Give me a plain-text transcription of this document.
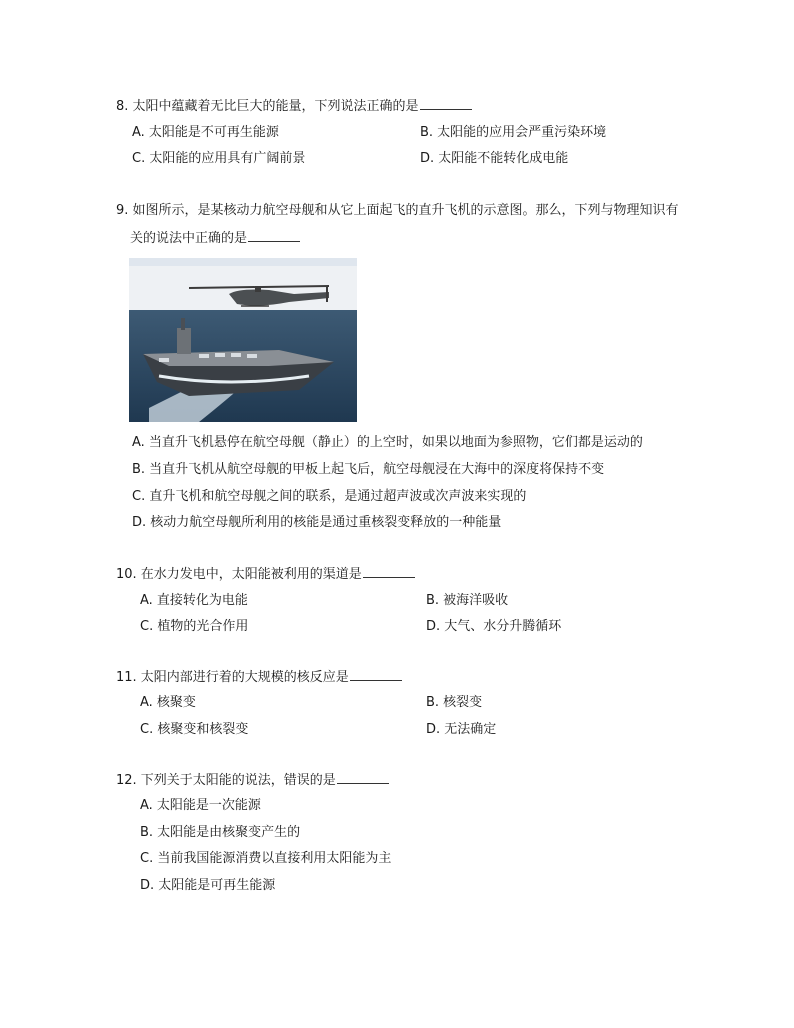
8. 太阳中蕴藏着无比巨大的能量，下列说法正确的是
A. 太阳能是不可再生能源	B. 太阳能的应用会严重污染环境
C. 太阳能的应用具有广阔前景	D. 太阳能不能转化成电能
9. 如图所示，是某核动力航空母舰和从它上面起飞的直升飞机的示意图。那么，下列与物理知识有
关的说法中正确的是
A. 当直升飞机悬停在航空母舰（静止）的上空时，如果以地面为参照物，它们都是运动的
B. 当直升飞机从航空母舰的甲板上起飞后，航空母舰浸在大海中的深度将保持不变
C. 直升飞机和航空母舰之间的联系，是通过超声波或次声波来实现的
D. 核动力航空母舰所利用的核能是通过重核裂变释放的一种能量
10. 在水力发电中，太阳能被利用的渠道是
A. 直接转化为电能	B. 被海洋吸收
C. 植物的光合作用	D. 大气、水分升腾循环
11. 太阳内部进行着的大规模的核反应是
A. 核聚变	B. 核裂变
C. 核聚变和核裂变	D. 无法确定
12. 下列关于太阳能的说法，错误的是
A. 太阳能是一次能源
B. 太阳能是由核聚变产生的
C. 当前我国能源消费以直接利用太阳能为主
D. 太阳能是可再生能源
